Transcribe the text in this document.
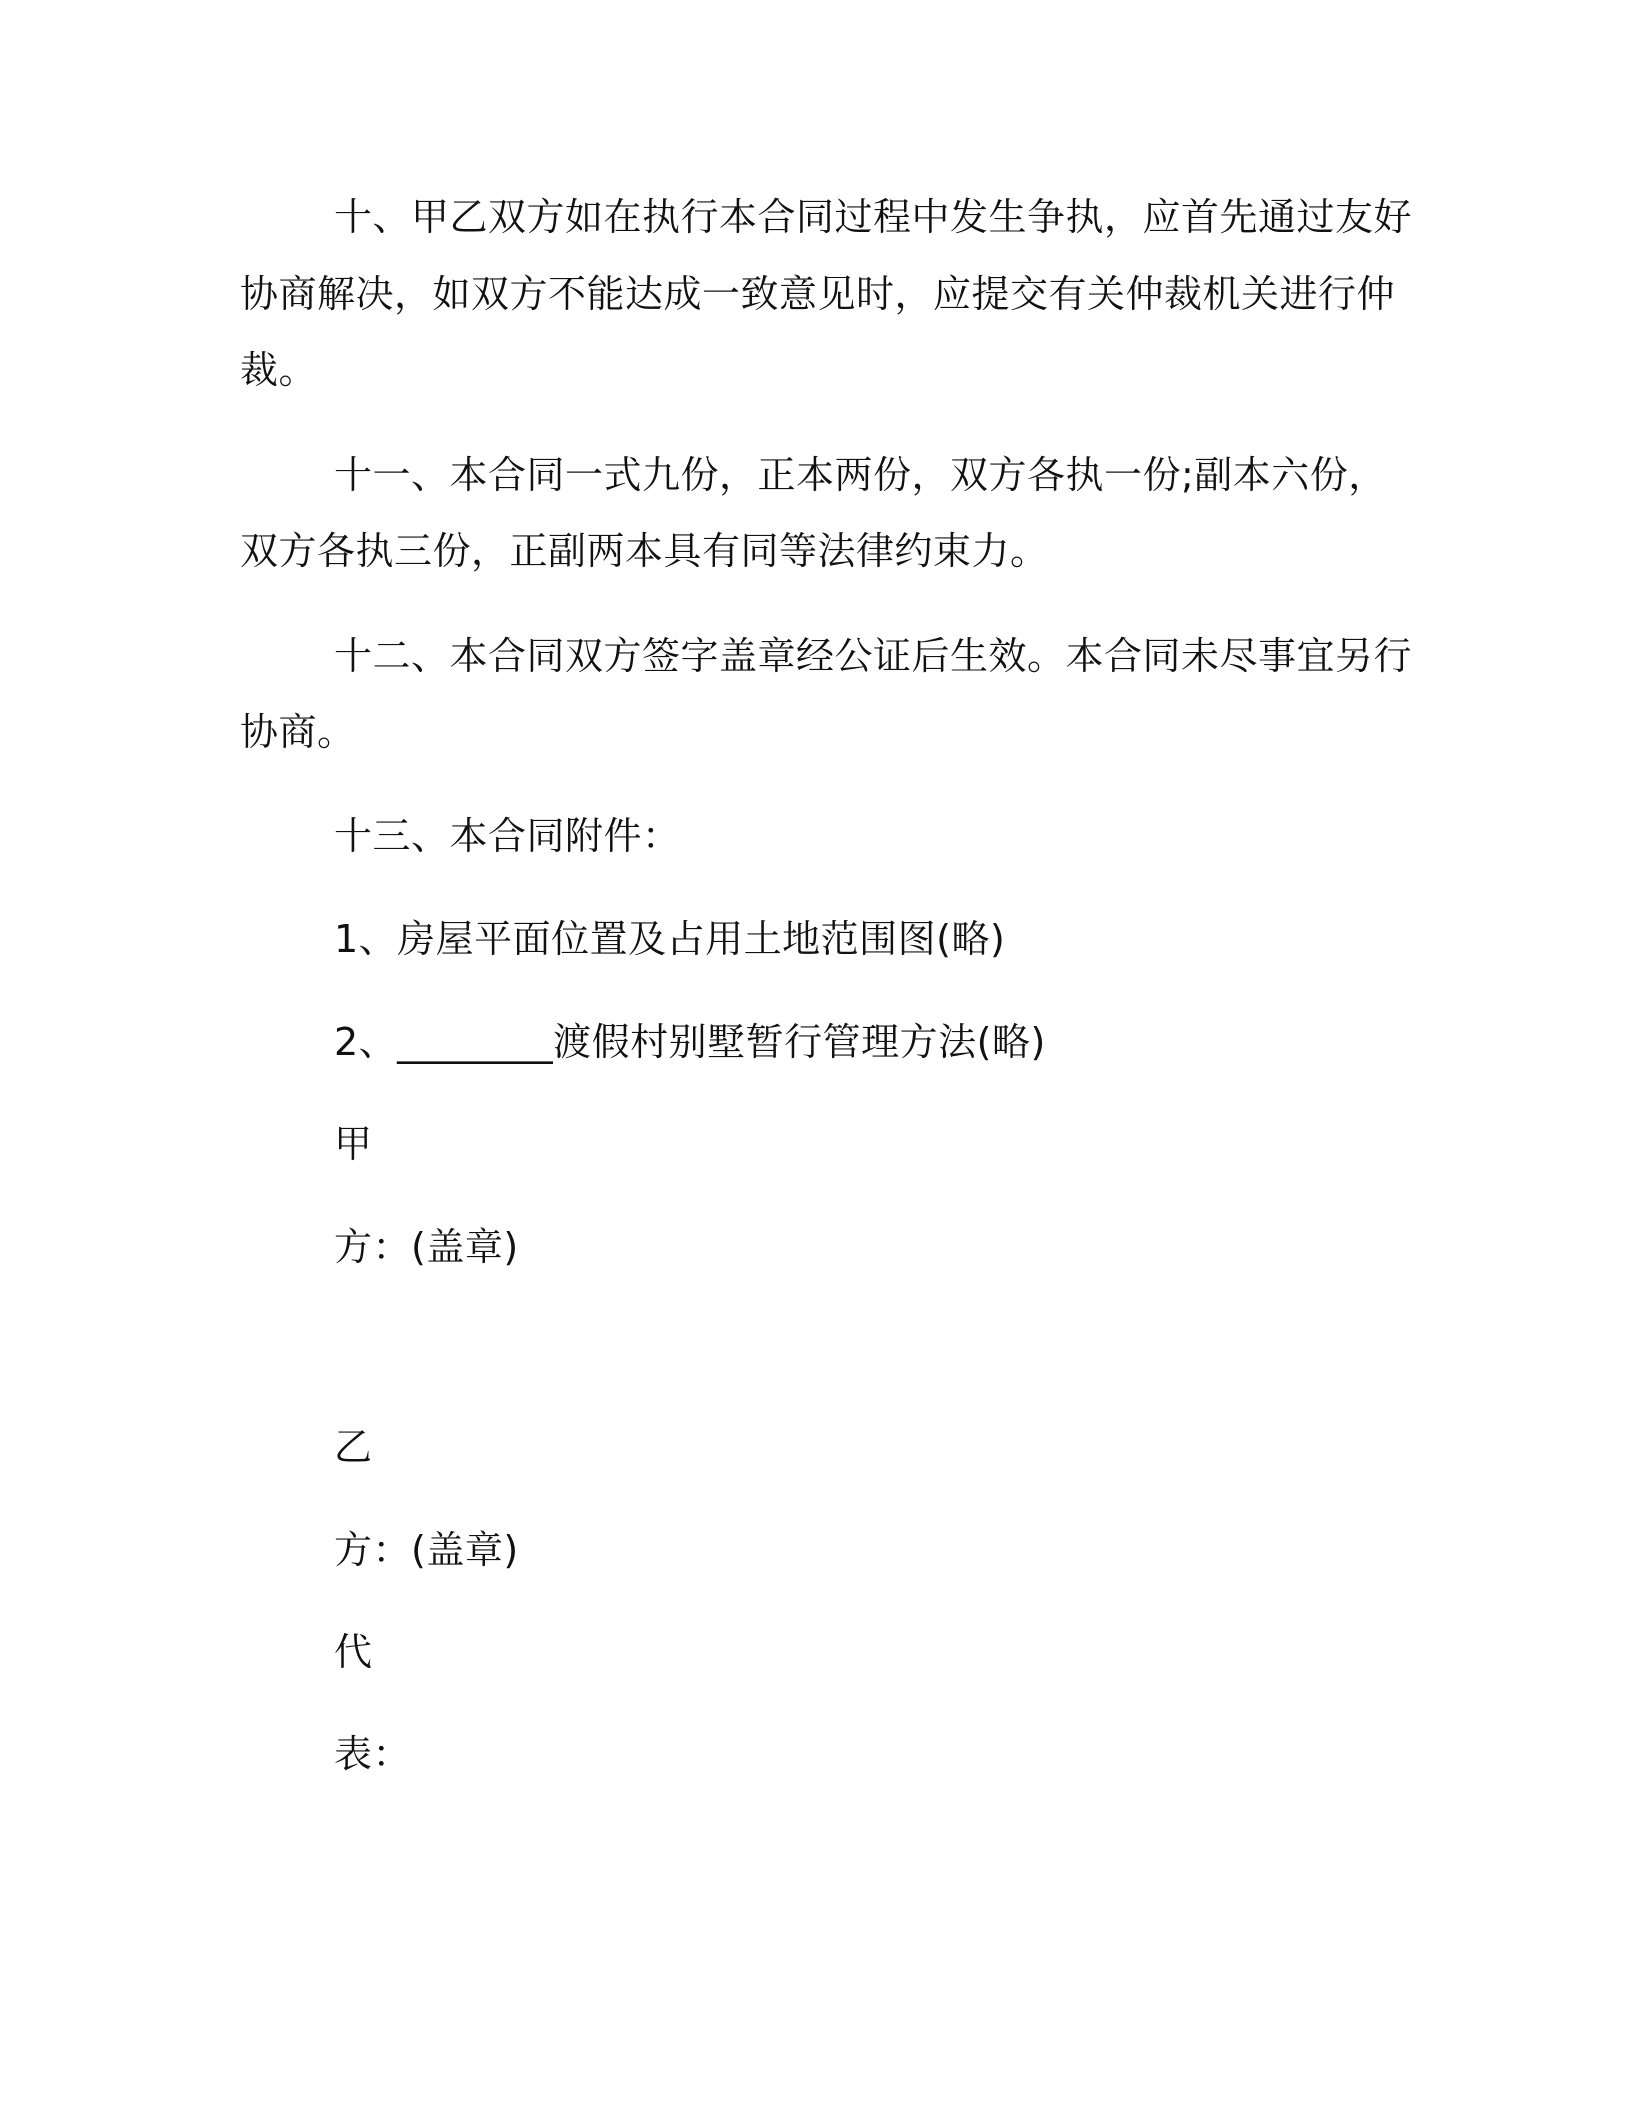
十、甲乙双方如在执行本合同过程中发生争执，应首先通过友好
协商解决，如双方不能达成一致意见时，应提交有关仲裁机关进行仲
裁。
十一、本合同一式九份，正本两份，双方各执一份;副本六份，
双方各执三份，正副两本具有同等法律约束力。
十二、本合同双方签字盖章经公证后生效。本合同未尽事宜另行
协商。
十三、本合同附件：
1、房屋平面位置及占用土地范围图(略)
2、________渡假村别墅暂行管理方法(略)
甲
方：(盖章)
乙
方：(盖章)
代
表：
